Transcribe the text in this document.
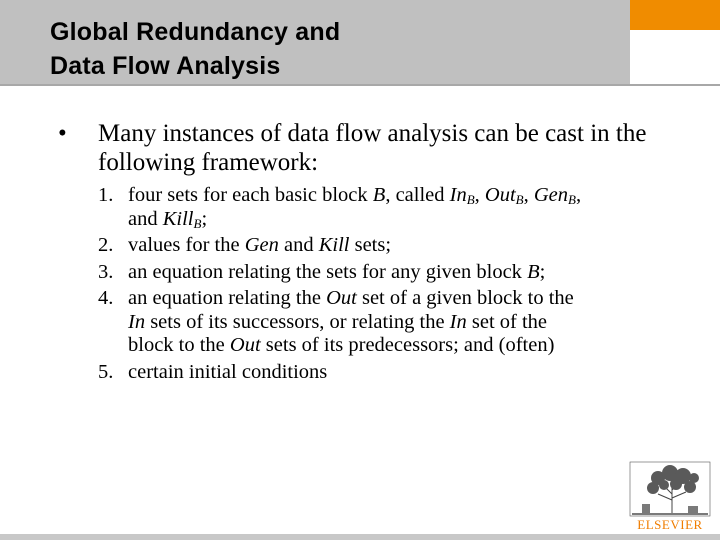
Global Redundancy and
Data Flow Analysis
• Many instances of data flow analysis can be cast in the following framework:
1. four sets for each basic block B, called $In_B$, Out$_B$, Gen$_B$,
and Kill$_B$;
2. values for the Gen and Kill sets;
3. an equation relating the sets for any given block B;
4. an equation relating the Out set of a given block to the
In sets of its successors, or relating the In set of the
block to the Out sets of its predecessors; and (often)
5. certain initial conditions
ELSEVIER
